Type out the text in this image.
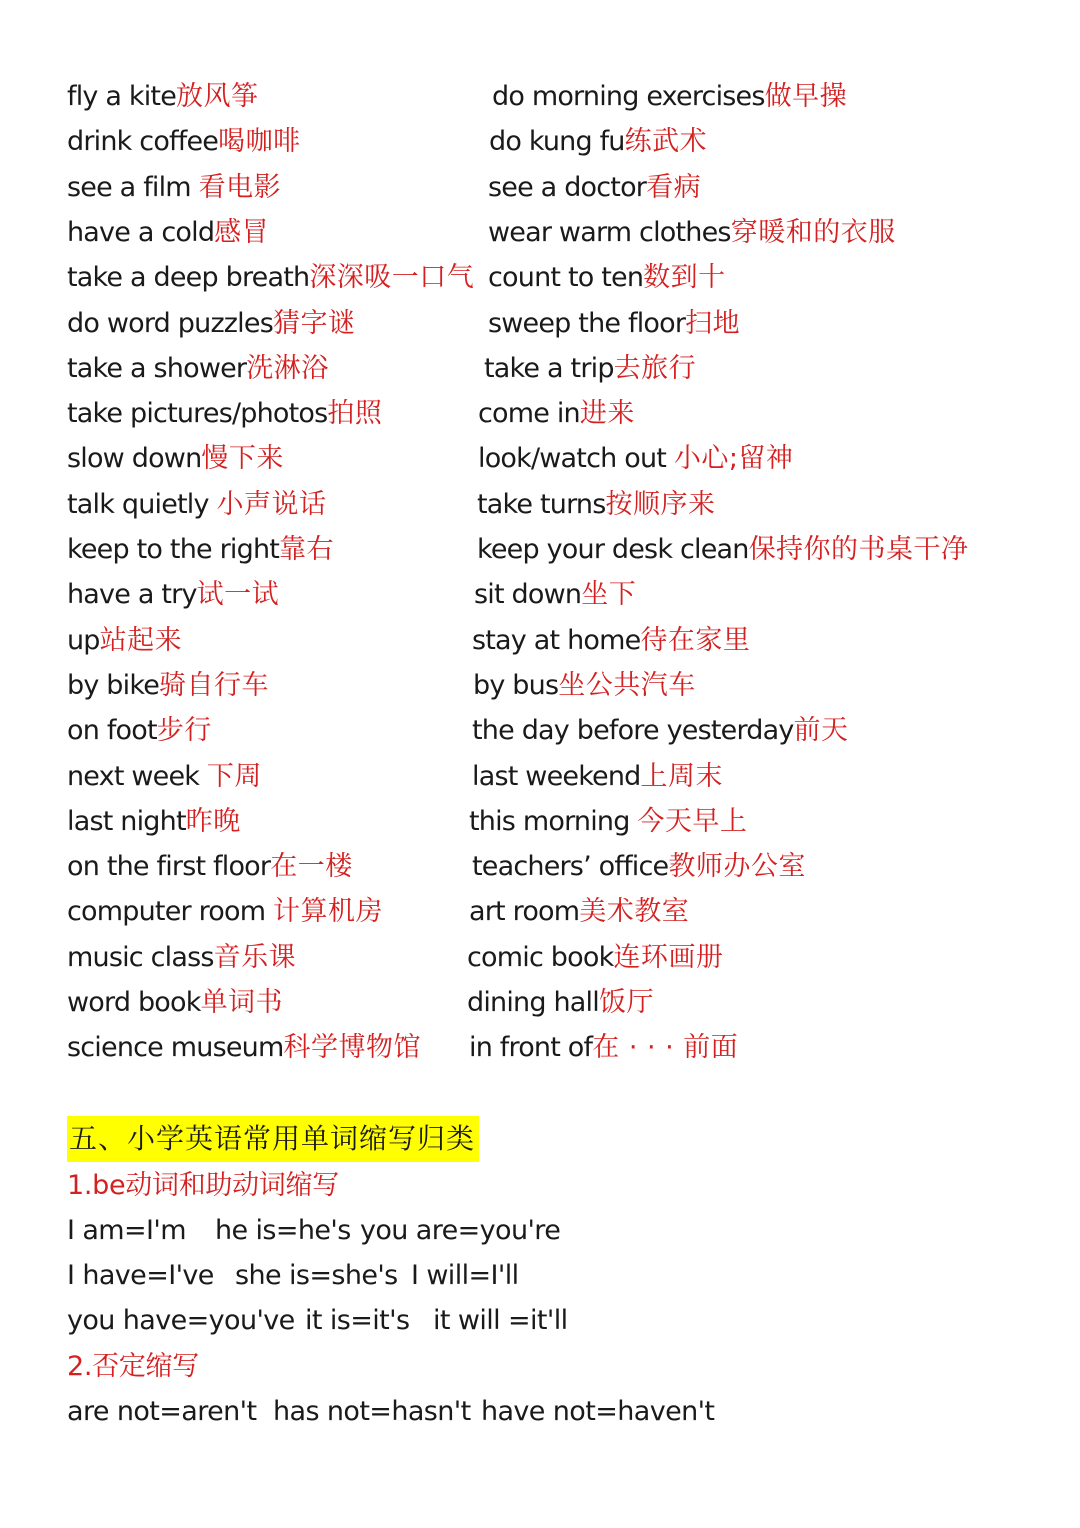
fly a kite放风筝
drink coffee喝咖啡
see a film 看电影
have a cold感冒
take a deep breath深深吸一口气
do word puzzles猜字谜
take a shower洗淋浴
take pictures/photos拍照
slow down慢下来
talk quietly 小声说话
keep to the right靠右
have a try试一试
up站起来
by bike骑自行车
on foot步行
next week 下周
last night昨晚
on the first floor在一楼
computer room 计算机房
music class音乐课
word book单词书
science museum科学博物馆
do morning exercises做早操
do kung fu练武术
see a doctor看病
wear warm clothes穿暖和的衣服
count to ten数到十
sweep the floor扫地
take a trip去旅行
come in进来
look/watch out 小心;留神
take turns按顺序来
keep your desk clean保持你的书桌干净
sit down坐下
stay at home待在家里
by bus坐公共汽车
the day before yesterday前天
last weekend上周末
this morning 今天早上
teachers’ office教师办公室
art room美术教室
comic book连环画册
dining hall饭厅
in front of在 · · · 前面
五、小学英语常用单词缩写归类
1.be动词和助动词缩写
I am=I'm he is=he's you are=you're
I have=I've she is=she's I will=I'll
you have=you've it is=it's it will =it'll
2.否定缩写
are not=aren't has not=hasn't have not=haven't
